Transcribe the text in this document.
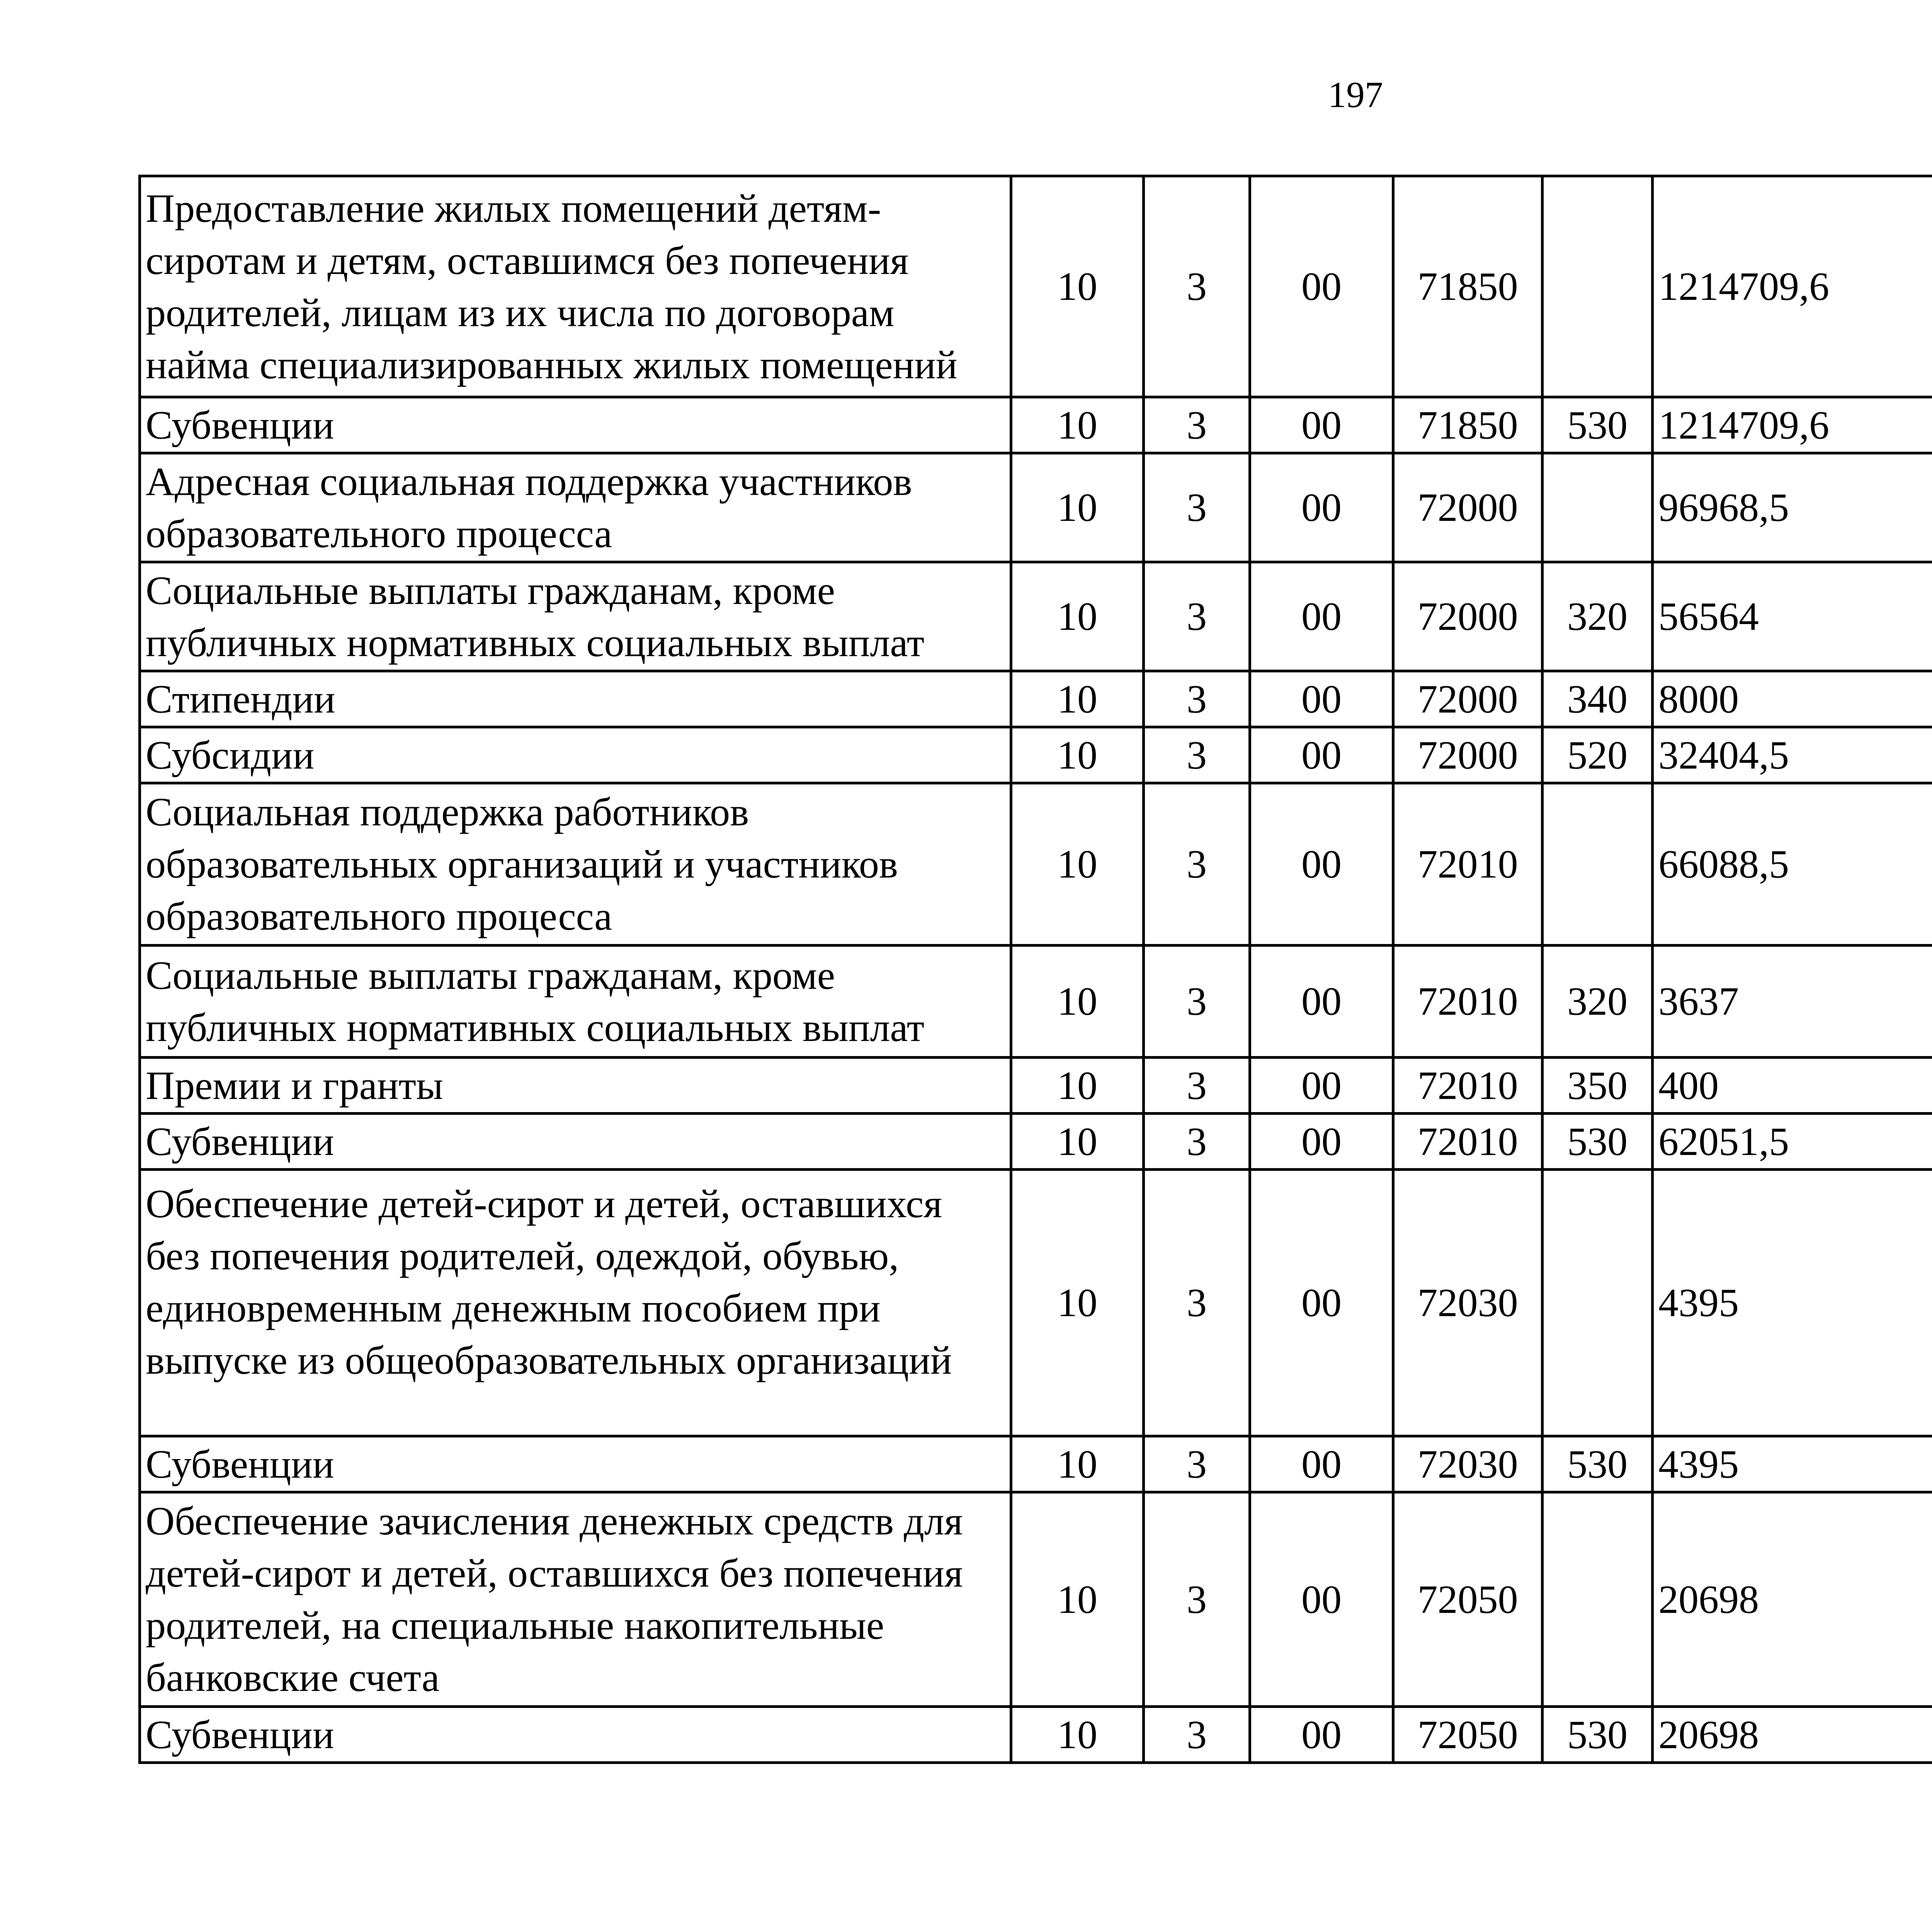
197
Предоставление жилых помещений детям-сиротам и детям, оставшимся без попечения родителей, лицам из их числа по договорам найма специализированных жилых помещений	10	3	00	71850		1214709,6		
Субвенции	10	3	00	71850	530	1214709,6		
Адресная социальная поддержка участников образовательного процесса	10	3	00	72000		96968,5		
Социальные выплаты гражданам, кроме публичных нормативных социальных выплат	10	3	00	72000	320	56564		
Стипендии	10	3	00	72000	340	8000		
Субсидии	10	3	00	72000	520	32404,5		
Социальная поддержка работников образовательных организаций и участников образовательного процесса	10	3	00	72010		66088,5		
Социальные выплаты гражданам, кроме публичных нормативных социальных выплат	10	3	00	72010	320	3637		
Премии и гранты	10	3	00	72010	350	400		
Субвенции	10	3	00	72010	530	62051,5		
Обеспечение детей-сирот и детей, оставшихся без попечения родителей, одеждой, обувью, единовременным денежным пособием при выпуске из общеобразовательных организаций	10	3	00	72030		4395		
Субвенции	10	3	00	72030	530	4395		
Обеспечение зачисления денежных средств для детей-сирот и детей, оставшихся без попечения родителей, на специальные накопительные банковские счета	10	3	00	72050		20698		
Субвенции	10	3	00	72050	530	20698		
